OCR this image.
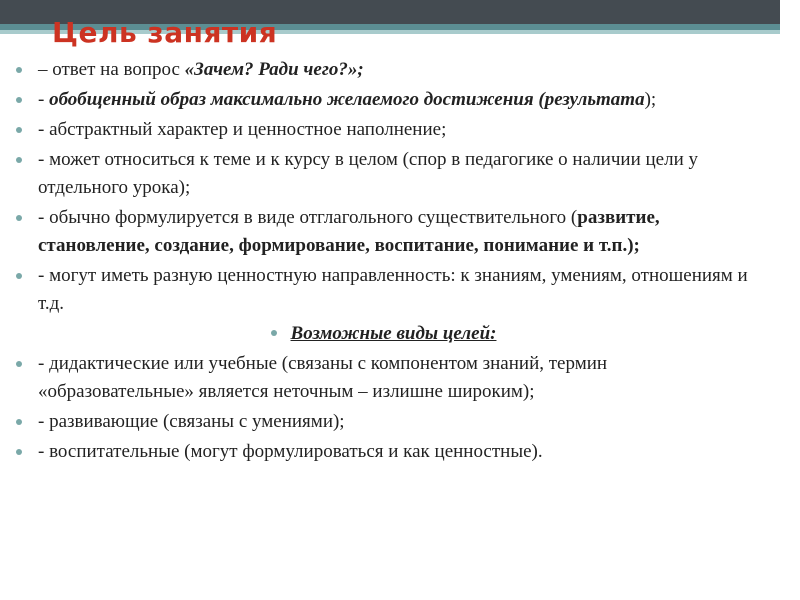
Цель занятия
– ответ на вопрос «Зачем? Ради чего?»;
- обобщенный образ максимально желаемого достижения (результата);
- абстрактный характер и ценностное наполнение;
- может относиться к теме и к курсу в целом (спор в педагогике о наличии цели у отдельного урока);
- обычно формулируется в виде отглагольного существительного (развитие, становление, создание, формирование, воспитание, понимание и т.п.);
- могут иметь разную ценностную направленность: к знаниям, умениям, отношениям и т.д.
Возможные виды целей:
- дидактические или учебные (связаны с компонентом знаний, термин «образовательные» является неточным – излишне широким);
- развивающие (связаны с умениями);
- воспитательные (могут формулироваться и как ценностные).
